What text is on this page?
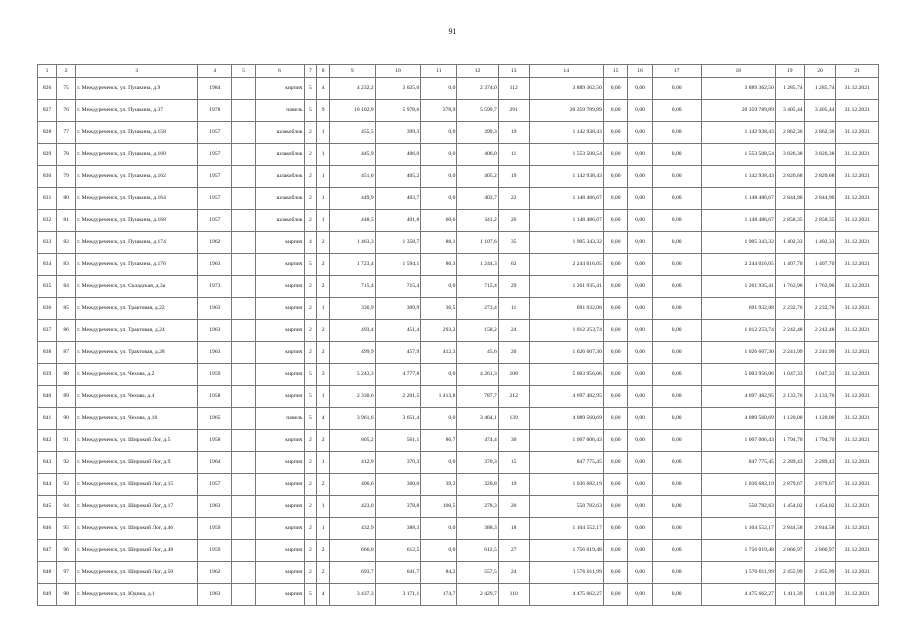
91
1	2	3	4	5	6	7	8	9	10	11	12	13	14	15	16	17	18	19	20	21
826	75	г. Междуреченск, ул. Пушкина, д.9	1984		кирпич	5	4	4 232,2	3 025,0	0,0	2 374,0	112	3 889 362,50	0,00	0,00	0,00	3 889 362,50	1 285,74	1 285,74	31.12.2021
827	76	г. Междуреченск, ул. Пушкина, д.37	1978		панель	5	9	10 102,9	5 978,6	378,9	5 599,7	291	20 359 789,89	0,00	0,00	0,00	20 359 789,89	3 405,44	3 405,44	31.12.2021
828	77	г. Междуреченск, ул. Пушкина, д.158	1957		шлакоблок	2	1	455,5	399,3	0,0	399,3	19	1 142 938,43	0,00	0,00	0,00	1 142 938,43	2 862,36	2 862,36	31.12.2021
829	78	г. Междуреченск, ул. Пушкина, д.160	1957		шлакоблок	2	1	445,9	406,0	0,0	406,0	11	1 553 508,54	0,00	0,00	0,00	1 553 508,54	3 826,38	3 826,38	31.12.2021
830	79	г. Междуреченск, ул. Пушкина, д.162	1957		шлакоблок	2	1	451,0	405,2	0,0	405,2	19	1 142 938,43	0,00	0,00	0,00	1 142 938,43	2 820,68	2 820,68	31.12.2021
831	80	г. Междуреченск, ул. Пушкина, д.164	1957		шлакоблок	2	1	449,9	403,7	0,0	403,7	22	1 148 486,67	0,00	0,00	0,00	1 148 486,67	2 844,90	2 844,90	31.12.2021
832	81	г. Междуреченск, ул. Пушкина, д.168	1957		шлакоблок	2	1	448,5	401,8	60,6	341,2	26	1 148 486,67	0,00	0,00	0,00	1 148 486,67	2 858,35	2 858,35	31.12.2021
833	82	г. Междуреченск, ул. Пушкина, д.174	1962		кирпич	4	2	1 463,3	1 358,7	88,1	1 107,6	35	1 905 343,32	0,00	0,00	0,00	1 905 343,32	1 402,33	1 402,33	31.12.2021
834	83	г. Междуреченск, ул. Пушкина, д.176	1963		кирпич	5	2	1 723,4	1 594,1	86,3	1 244,3	62	2 244 016,05	0,00	0,00	0,00	2 244 016,05	1 407,70	1 407,70	31.12.2021
835	84	г. Междуреченск, ул. Складская, д.3а	1973		кирпич	2	2	715,4	715,4	0,0	715,4	29	1 261 935,41	0,00	0,00	0,00	1 261 935,41	1 763,96	1 763,96	31.12.2021
836	85	г. Междуреченск, ул. Трактовая, д.22	1963		кирпич	2	1	336,9	309,9	36,5	273,4	11	691 932,08	0,00	0,00	0,00	691 932,08	2 232,76	2 232,76	31.12.2021
837	86	г. Междуреченск, ул. Трактовая, д.24	1963		кирпич	2	2	493,4	451,4	293,2	158,2	24	1 012 253,74	0,00	0,00	0,00	1 012 253,74	2 242,48	2 242,48	31.12.2021
838	87	г. Междуреченск, ул. Трактовая, д.28	1963		кирпич	2	2	499,9	457,9	412,3	45,6	20	1 026 607,30	0,00	0,00	0,00	1 026 607,30	2 241,99	2 241,99	31.12.2021
839	88	г. Междуреченск, ул. Чехова, д.2	1959		кирпич	5	3	5 243,3	4 777,8	0,0	4 261,3	108	5 003 956,06	0,00	0,00	0,00	5 003 956,06	1 047,33	1 047,33	31.12.2021
840	89	г. Междуреченск, ул. Чехова, д.4	1958		кирпич	5	1	2 330,6	2 201,5	1 413,8	787,7	212	4 697 482,95	0,00	0,00	0,00	4 697 482,95	2 133,76	2 133,76	31.12.2021
841	90	г. Междуреченск, ул. Чехова, д.10	1965		панель	5	4	3 961,6	3 651,4	0,0	3 464,1	139	4 089 560,69	0,00	0,00	0,00	4 089 560,69	1 120,00	1 120,00	31.12.2021
842	91	г. Междуреченск, ул. Широкий Лог, д.5	1958		кирпич	2	2	805,2	561,1	86,7	474,4	30	1 007 006,43	0,00	0,00	0,00	1 007 006,43	1 794,70	1 794,70	31.12.2021
843	92	г. Междуреченск, ул. Широкий Лог, д.9	1964		кирпич	2	1	412,9	370,3	0,0	370,3	15	847 775,45	0,00	0,00	0,00	847 775,45	2 289,43	2 289,43	31.12.2021
844	93	г. Междуреченск, ул. Широкий Лог, д.15	1957		кирпич	2	2	406,6	360,0	39,2	320,8	19	1 036 682,19	0,00	0,00	0,00	1 036 682,19	2 879,67	2 879,67	31.12.2021
845	94	г. Междуреченск, ул. Широкий Лог, д.17	1963		кирпич	2	1	423,0	378,8	100,5	278,3	20	550 782,63	0,00	0,00	0,00	550 782,63	1 454,02	1 454,02	31.12.2021
846	95	г. Междуреченск, ул. Широкий Лог, д.46	1959		кирпич	2	1	432,9	388,3	0,0	388,3	18	1 104 552,17	0,00	0,00	0,00	1 104 552,17	2 844,58	2 844,58	31.12.2021
847	96	г. Междуреченск, ул. Широкий Лог, д.48	1959		кирпич	2	2	666,0	612,5	0,0	612,5	27	1 756 019,48	0,00	0,00	0,00	1 756 019,48	2 866,97	2 866,97	31.12.2021
848	97	г. Междуреченск, ул. Широкий Лог, д.50	1962		кирпич	2	2	693,7	641,7	84,2	557,5	24	1 576 011,99	0,00	0,00	0,00	1 576 011,99	2 455,99	2 455,99	31.12.2021
849	98	г. Междуреченск, ул. Юдина, д.1	1963		кирпич	5	4	3 437,3	3 171,1	174,7	2 429,7	110	4 475 662,27	0,00	0,00	0,00	4 475 662,27	1 411,39	1 411,39	31.12.2021
